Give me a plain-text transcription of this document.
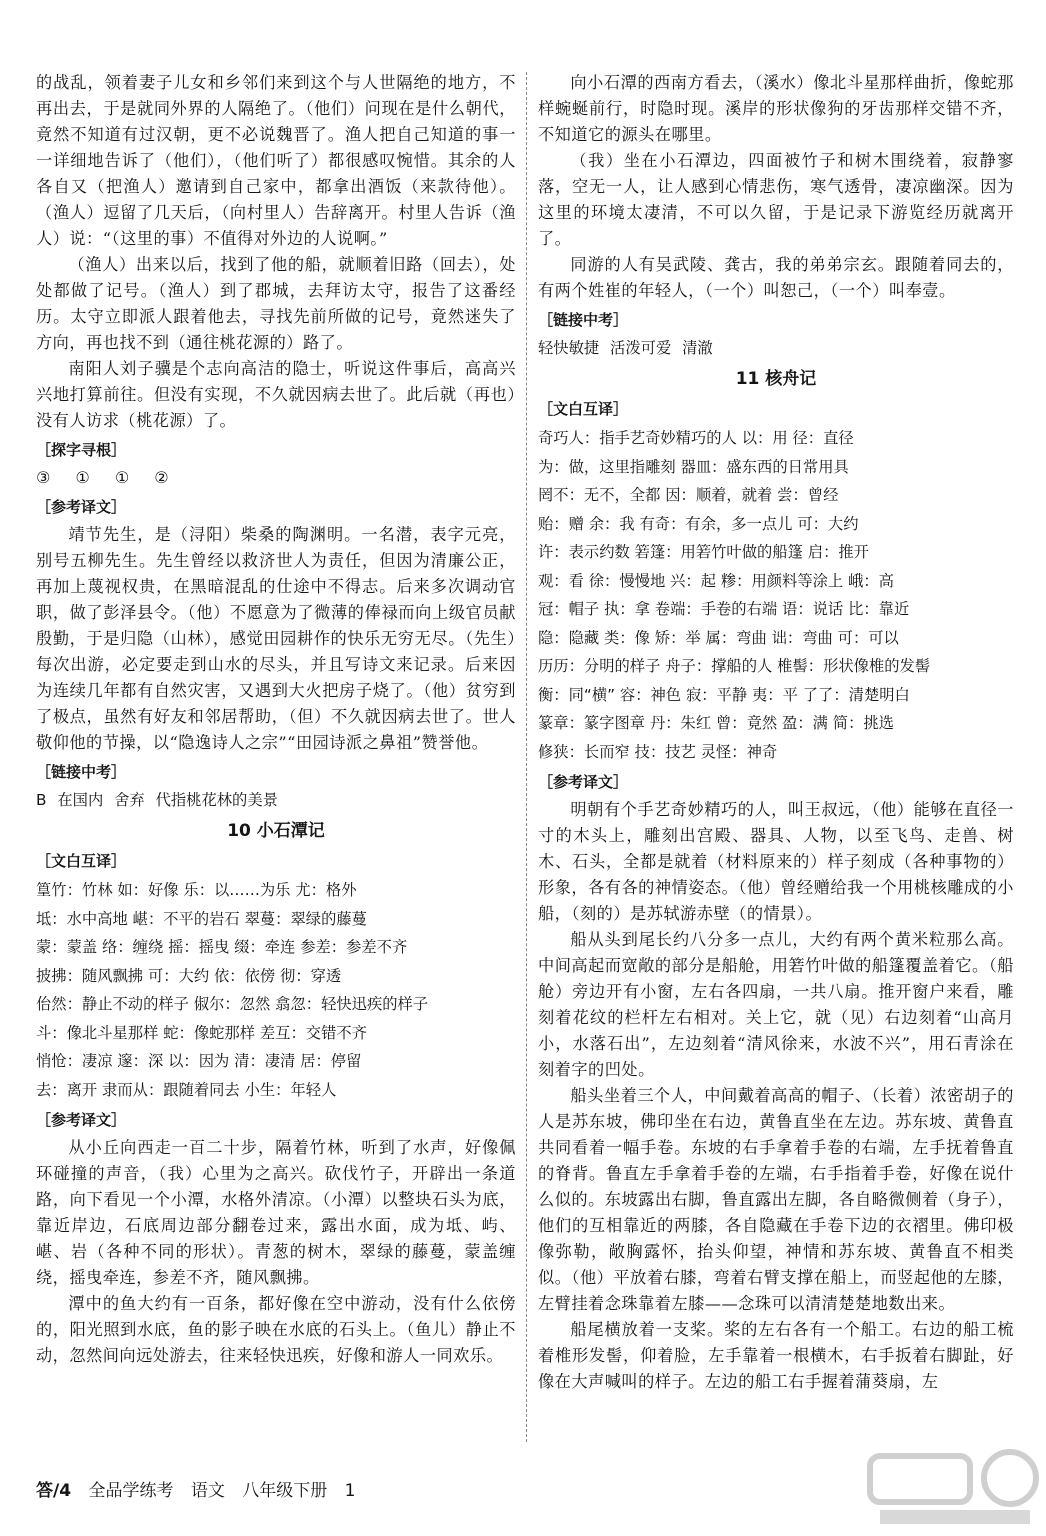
的战乱，领着妻子儿女和乡邻们来到这个与人世隔绝的地方，不再出去，于是就同外界的人隔绝了。（他们）问现在是什么朝代，竟然不知道有过汉朝，更不必说魏晋了。渔人把自己知道的事一一详细地告诉了（他们），（他们听了）都很感叹惋惜。其余的人各自又（把渔人）邀请到自己家中，都拿出酒饭（来款待他）。（渔人）逗留了几天后，（向村里人）告辞离开。村里人告诉（渔人）说：“（这里的事）不值得对外边的人说啊。”

（渔人）出来以后，找到了他的船，就顺着旧路（回去），处处都做了记号。（渔人）到了郡城，去拜访太守，报告了这番经历。太守立即派人跟着他去，寻找先前所做的记号，竟然迷失了方向，再也找不到（通往桃花源的）路了。

南阳人刘子骥是个志向高洁的隐士，听说这件事后，高高兴兴地打算前往。但没有实现，不久就因病去世了。此后就（再也）没有人访求（桃花源）了。

［探字寻根］
③ ① ① ②
［参考译文］

靖节先生，是（浔阳）柴桑的陶渊明。一名潜，表字元亮，别号五柳先生。先生曾经以救济世人为责任，但因为清廉公正，再加上蔑视权贵，在黑暗混乱的仕途中不得志。后来多次调动官职，做了彭泽县令。（他）不愿意为了微薄的俸禄而向上级官员献殷勤，于是归隐（山林），感觉田园耕作的快乐无穷无尽。（先生）每次出游，必定要走到山水的尽头，并且写诗文来记录。后来因为连续几年都有自然灾害，又遇到大火把房子烧了。（他）贫穷到了极点，虽然有好友和邻居帮助，（但）不久就因病去世了。世人敬仰他的节操，以“隐逸诗人之宗”“田园诗派之鼻祖”赞誉他。

［链接中考］
B 在国内 舍弃 代指桃花林的美景
10 小石潭记
［文白互译］

篁竹：竹林 如：好像 乐：以……为乐 尤：格外

坻：水中高地 嵁：不平的岩石 翠蔓：翠绿的藤蔓

蒙：蒙盖 络：缠绕 摇：摇曳 缀：牵连 参差：参差不齐

披拂：随风飘拂 可：大约 依：依傍 彻：穿透

佁然：静止不动的样子 俶尔：忽然 翕忽：轻快迅疾的样子

斗：像北斗星那样 蛇：像蛇那样 差互：交错不齐

悄怆：凄凉 邃：深 以：因为 清：凄清 居：停留

去：离开 隶而从：跟随着同去 小生：年轻人

［参考译文］

从小丘向西走一百二十步，隔着竹林，听到了水声，好像佩环碰撞的声音，（我）心里为之高兴。砍伐竹子，开辟出一条道路，向下看见一个小潭，水格外清凉。（小潭）以整块石头为底，靠近岸边，石底周边部分翻卷过来，露出水面，成为坻、屿、嵁、岩（各种不同的形状）。青葱的树木，翠绿的藤蔓，蒙盖缠绕，摇曳牵连，参差不齐，随风飘拂。

潭中的鱼大约有一百条，都好像在空中游动，没有什么依傍的，阳光照到水底，鱼的影子映在水底的石头上。（鱼儿）静止不动，忽然间向远处游去，往来轻快迅疾，好像和游人一同欢乐。

向小石潭的西南方看去，（溪水）像北斗星那样曲折，像蛇那样蜿蜒前行，时隐时现。溪岸的形状像狗的牙齿那样交错不齐，不知道它的源头在哪里。

（我）坐在小石潭边，四面被竹子和树木围绕着，寂静寥落，空无一人，让人感到心情悲伤，寒气透骨，凄凉幽深。因为这里的环境太凄清，不可以久留，于是记录下游览经历就离开了。

同游的人有吴武陵、龚古，我的弟弟宗玄。跟随着同去的，有两个姓崔的年轻人，（一个）叫恕己，（一个）叫奉壹。

［链接中考］
轻快敏捷 活泼可爱 清澈
11 核舟记
［文白互译］

奇巧人：指手艺奇妙精巧的人 以：用 径：直径

为：做，这里指雕刻 器皿：盛东西的日常用具

罔不：无不，全都 因：顺着，就着 尝：曾经

贻：赠 余：我 有奇：有余，多一点儿 可：大约

许：表示约数 箬篷：用箬竹叶做的船篷 启：推开

观：看 徐：慢慢地 兴：起 糁：用颜料等涂上 峨：高

冠：帽子 执：拿 卷端：手卷的右端 语：说话 比：靠近

隐：隐藏 类：像 矫：举 属：弯曲 诎：弯曲 可：可以

历历：分明的样子 舟子：撑船的人 椎髻：形状像椎的发髻

衡：同“横” 容：神色 寂：平静 夷：平 了了：清楚明白

篆章：篆字图章 丹：朱红 曾：竟然 盈：满 简：挑选

修狭：长而窄 技：技艺 灵怪：神奇

［参考译文］

明朝有个手艺奇妙精巧的人，叫王叔远，（他）能够在直径一寸的木头上，雕刻出宫殿、器具、人物，以至飞鸟、走兽、树木、石头，全都是就着（材料原来的）样子刻成（各种事物的）形象，各有各的神情姿态。（他）曾经赠给我一个用桃核雕成的小船，（刻的）是苏轼游赤壁（的情景）。

船从头到尾长约八分多一点儿，大约有两个黄米粒那么高。中间高起而宽敞的部分是船舱，用箬竹叶做的船篷覆盖着它。（船舱）旁边开有小窗，左右各四扇，一共八扇。推开窗户来看，雕刻着花纹的栏杆左右相对。关上它，就（见）右边刻着“山高月小，水落石出”，左边刻着“清风徐来，水波不兴”，用石青涂在刻着字的凹处。

船头坐着三个人，中间戴着高高的帽子、（长着）浓密胡子的人是苏东坡，佛印坐在右边，黄鲁直坐在左边。苏东坡、黄鲁直共同看着一幅手卷。东坡的右手拿着手卷的右端，左手抚着鲁直的脊背。鲁直左手拿着手卷的左端，右手指着手卷，好像在说什么似的。东坡露出右脚，鲁直露出左脚，各自略微侧着（身子），他们的互相靠近的两膝，各自隐藏在手卷下边的衣褶里。佛印极像弥勒，敞胸露怀，抬头仰望，神情和苏东坡、黄鲁直不相类似。（他）平放着右膝，弯着右臂支撑在船上，而竖起他的左膝，左臂挂着念珠靠着左膝——念珠可以清清楚楚地数出来。

船尾横放着一支桨。桨的左右各有一个船工。右边的船工梳着椎形发髻，仰着脸，左手靠着一根横木，右手扳着右脚趾，好像在大声喊叫的样子。左边的船工右手握着蒲葵扇，左

答/4 全品学练考 语文 八年级下册 1
